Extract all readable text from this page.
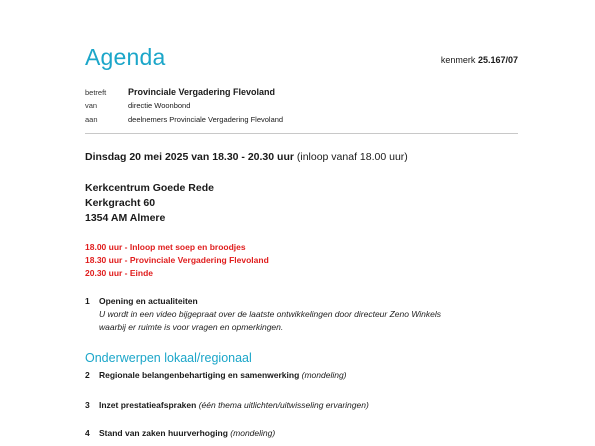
Agenda	kenmerk 25.167/07
betreft	Provinciale Vergadering Flevoland
van	directie Woonbond
aan	deelnemers Provinciale Vergadering Flevoland
Dinsdag 20 mei 2025 van 18.30 - 20.30 uur (inloop vanaf 18.00 uur)
Kerkcentrum Goede Rede
Kerkgracht 60
1354 AM Almere
18.00 uur - Inloop met soep en broodjes
18.30 uur - Provinciale Vergadering Flevoland
20.30 uur - Einde
1 Opening en actualiteiten
U wordt in een video bijgepraat over de laatste ontwikkelingen door directeur Zeno Winkels
waarbij er ruimte is voor vragen en opmerkingen.
Onderwerpen lokaal/regionaal
2 Regionale belangenbehartiging en samenwerking (mondeling)
3 Inzet prestatieafspraken (één thema uitlichten/uitwisseling ervaringen)
4 Stand van zaken huurverhoging (mondeling)
